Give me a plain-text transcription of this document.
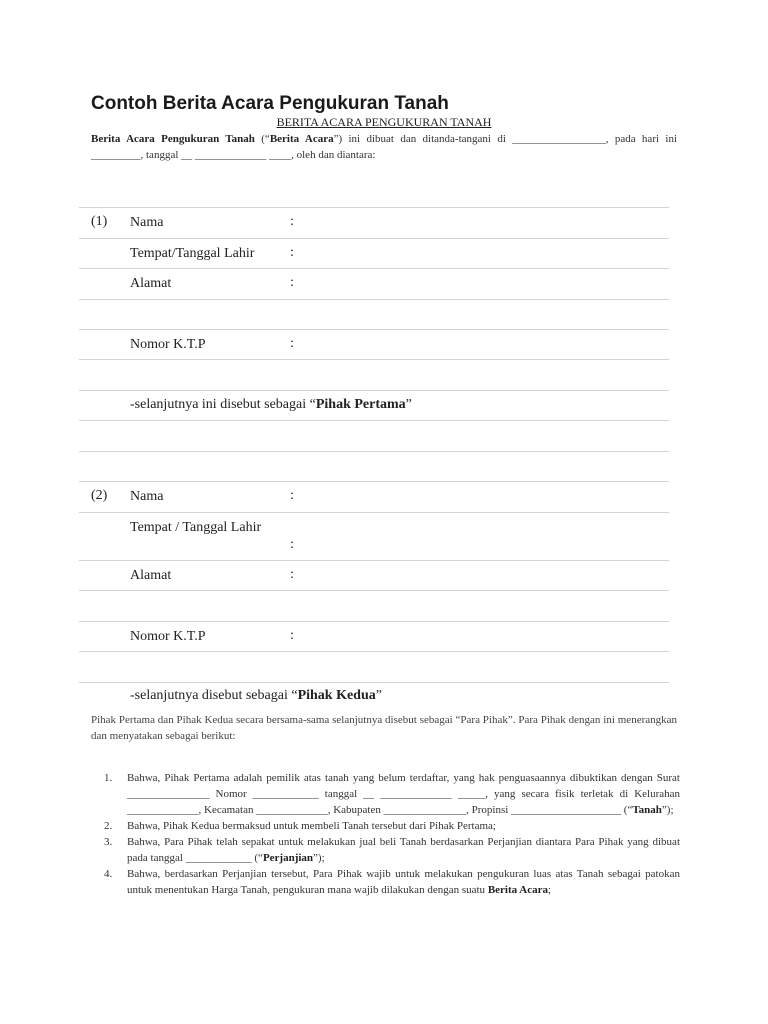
Contoh Berita Acara Pengukuran Tanah
BERITA ACARA PENGUKURAN TANAH

Berita Acara Pengukuran Tanah (“Berita Acara”) ini dibuat dan ditanda-tangani di _________________, pada hari ini _________, tanggal __ _____________ ____, oleh dan diantara:

(1) Nama	:
Tempat/Tanggal Lahir	:
Alamat	:
Nomor K.T.P	:
-selanjutnya ini disebut sebagai “Pihak Pertama”
(2) Nama	:
Tempat / Tanggal Lahir
:
Alamat	:
Nomor K.T.P	:
-selanjutnya disebut sebagai “Pihak Kedua”

Pihak Pertama dan Pihak Kedua secara bersama-sama selanjutnya disebut sebagai “Para Pihak”. Para Pihak dengan ini menerangkan dan menyatakan sebagai berikut:

1. Bahwa, Pihak Pertama adalah pemilik atas tanah yang belum terdaftar, yang hak penguasaannya dibuktikan dengan Surat _______________ Nomor ____________ tanggal __ _____________ _____, yang secara fisik terletak di Kelurahan _____________, Kecamatan _____________, Kabupaten _______________, Propinsi ____________________ (“Tanah”);
2. Bahwa, Pihak Kedua bermaksud untuk membeli Tanah tersebut dari Pihak Pertama;
3. Bahwa, Para Pihak telah sepakat untuk melakukan jual beli Tanah berdasarkan Perjanjian diantara Para Pihak yang dibuat pada tanggal ____________ (“Perjanjian”);
4. Bahwa, berdasarkan Perjanjian tersebut, Para Pihak wajib untuk melakukan pengukuran luas atas Tanah sebagai patokan untuk menentukan Harga Tanah, pengukuran mana wajib dilakukan dengan suatu Berita Acara;
